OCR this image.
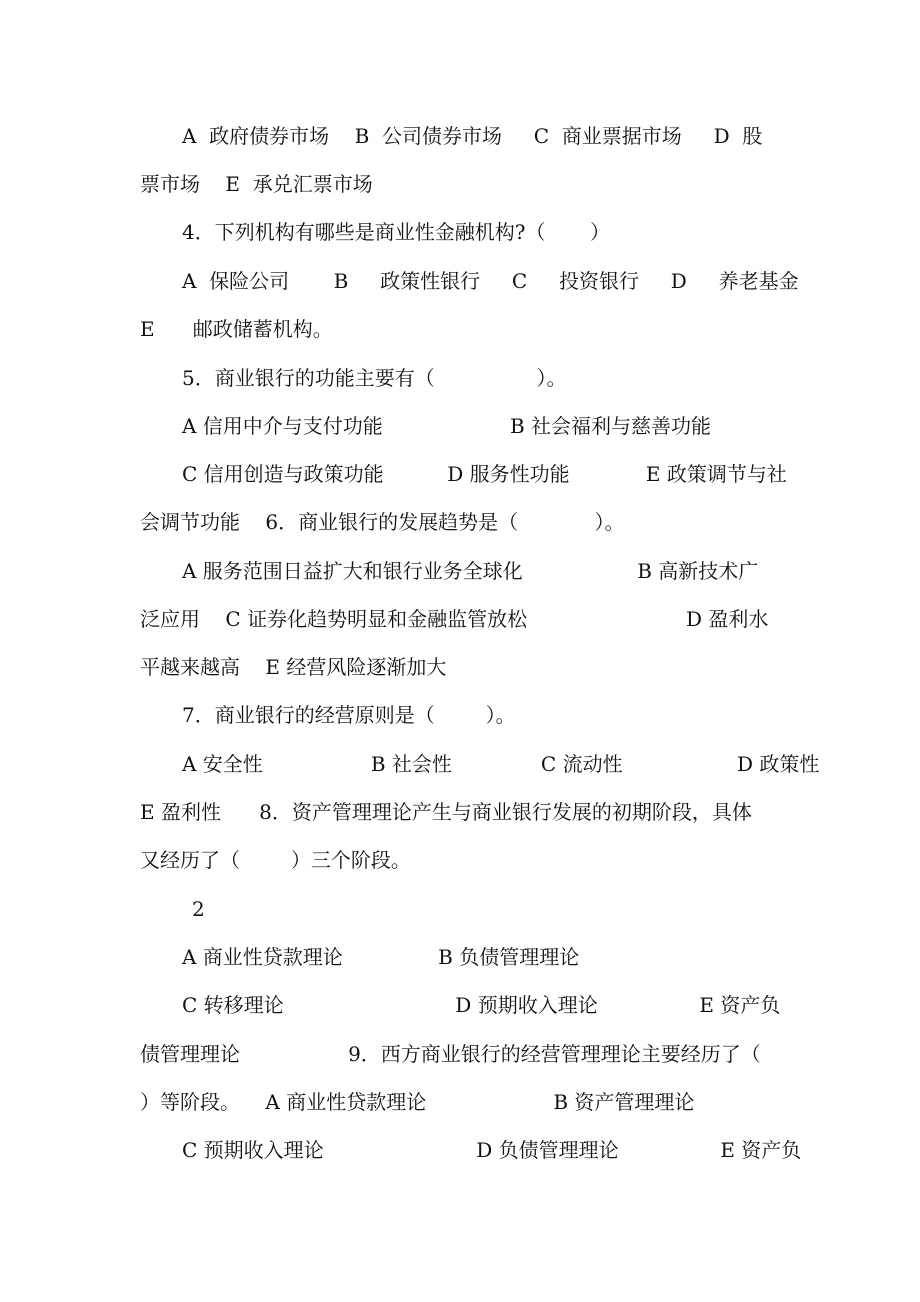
A  政府债券市场    B  公司债券市场     C  商业票据市场     D  股
票市场    E  承兑汇票市场
4．下列机构有哪些是商业性金融机构?（       ）
A  保险公司       B     政策性银行     C     投资银行     D     养老基金
E      邮政储蓄机构。
5．商业银行的功能主要有（                ）。
A 信用中介与支付功能                    B 社会福利与慈善功能
C 信用创造与政策功能          D 服务性功能            E 政策调节与社
会调节功能    6．商业银行的发展趋势是（            ）。
A 服务范围日益扩大和银行业务全球化                  B 高新技术广
泛应用    C 证券化趋势明显和金融监管放松                         D 盈利水
平越来越高    E 经营风险逐渐加大
7．商业银行的经营原则是（        ）。
A 安全性                 B 社会性              C 流动性                  D 政策性
E 盈利性      8．资产管理理论产生与商业银行发展的初期阶段，具体
又经历了（        ）三个阶段。
2
A 商业性贷款理论               B 负债管理理论
C 转移理论                           D 预期收入理论                E 资产负
债管理理论                 9．西方商业银行的经营管理理论主要经历了（
）等阶段。    A 商业性贷款理论                    B 资产管理理论
C 预期收入理论                        D 负债管理理论                E 资产负
